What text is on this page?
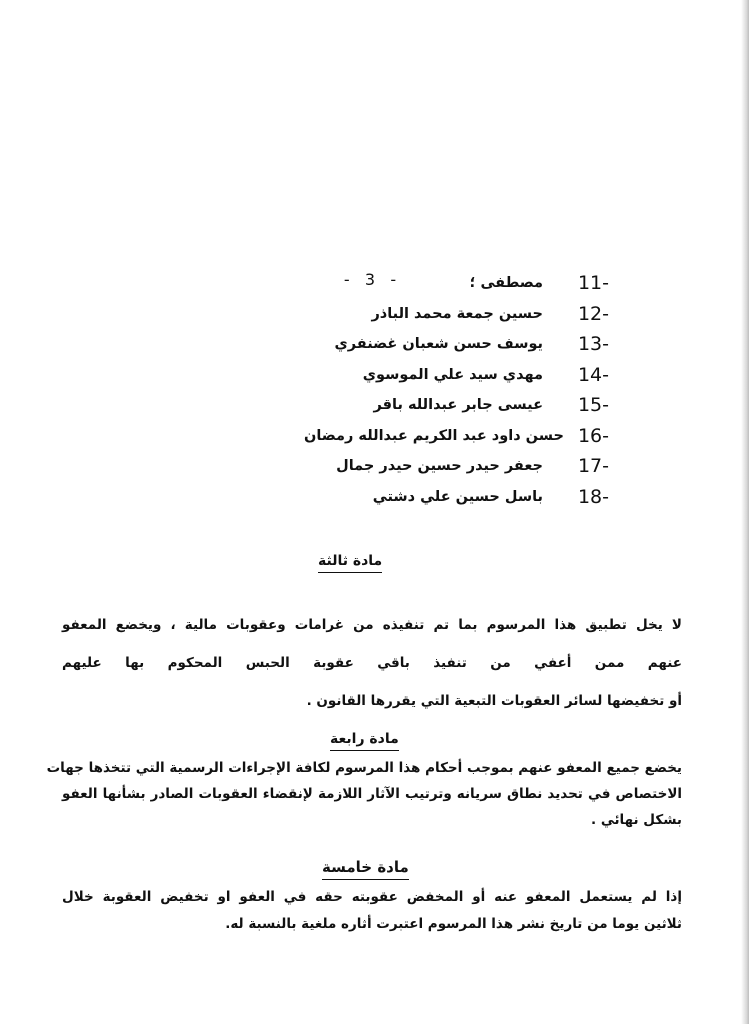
-   3   -	11-
مصطفى ؛
12-
حسين جمعة محمد الباذر
13-
يوسف حسن شعبان غضنفري
14-
مهدي سيد علي الموسوي
15-
عيسى جابر عبدالله باقر
16-
حسن داود عبد الكريم عبدالله رمضان
17-
جعفر حيدر حسين حيدر جمال
18-
باسل حسين علي دشتي
مادة ثالثة
لا يخل تطبيق هذا المرسوم بما تم تنفيذه من غرامات وعقوبات مالية ، ويخضع المعفو
عنهم ممن أعفي من تنفيذ باقي عقوبة الحبس المحكوم بها عليهم
أو تخفيضها لسائر العقوبات التبعية التي يقررها القانون .
مادة رابعة
يخضع جميع المعفو عنهم بموجب أحكام هذا المرسوم لكافة الإجراءات الرسمية التي تتخذها جهات
الاختصاص في تحديد نطاق سريانه وترتيب الآثار اللازمة لإنقضاء العقوبات الصادر بشأنها العفو
بشكل نهائي .
مادة خامسة
إذا لم يستعمل المعفو عنه أو المخفض عقوبته حقه في العفو او تخفيض العقوبة خلال
ثلاثين يوما من تاريخ نشر هذا المرسوم اعتبرت أثاره ملغية بالنسبة له.
